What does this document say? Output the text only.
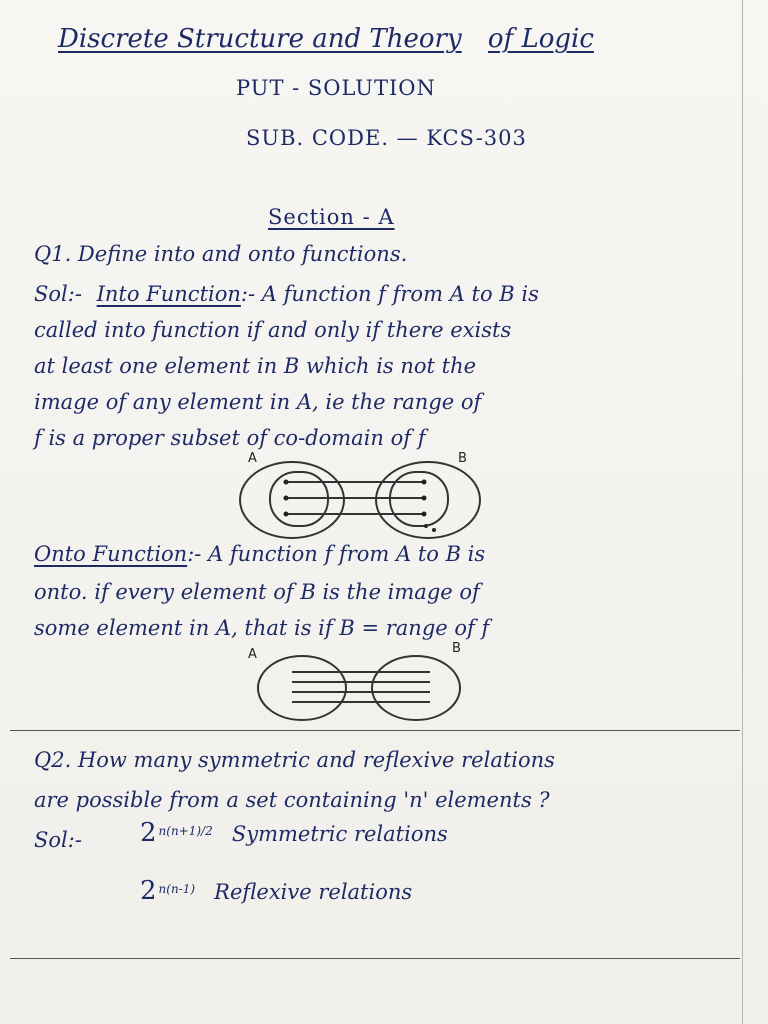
Discrete Structure and Theory of Logic
PUT - SOLUTION
SUB. CODE. — KCS-303
Section - A
Q1. Define into and onto functions.
Sol:- Into Function:- A function f from A to B is
called into function if and only if there exists
at least one element in B which is not the
image of any element in A, ie the range of
f is a proper subset of co-domain of f
A	B
Onto Function:- A function f from A to B is
onto. if every element of B is the image of
some element in A, that is if B = range of f
A	B
Q2. How many symmetric and reflexive relations
are possible from a set containing 'n' elements ?
Sol:- 2 $^{n(n+1)/2}$ Symmetric relations
2 $^{n(n-1)}$ Reflexive relations
